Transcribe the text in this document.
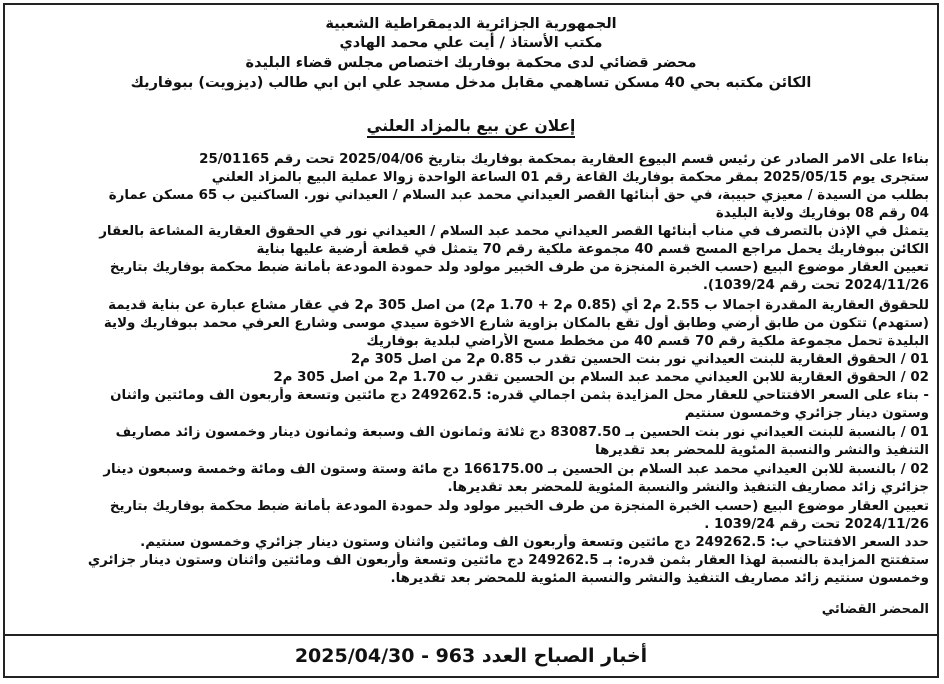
الجمهورية الجزائرية الديمقراطية الشعبية
مكتب الأستاذ / أيت علي محمد الهادي
محضر قضائي لدى محكمة بوفاريك اختصاص مجلس قضاء البليدة
الكائن مكتبه بحي 40 مسكن تساهمي مقابل مدخل مسجد علي ابن ابي طالب (ديزويت) ببوفاريك
إعلان عن بيع بالمزاد العلني
بناءا على الامر الصادر عن رئيس قسم البيوع العقارية بمحكمة بوفاريك بتاريخ 2025/04/06 تحت رقم 25/01165
ستجرى يوم 2025/05/15 بمقر محكمة بوفاريك القاعة رقم 01 الساعة الواحدة زوالا عملية البيع بالمزاد العلني
بطلب من السيدة / معيزي حبيبة، في حق أبنائها القصر العيداني محمد عبد السلام / العيداني نور. الساكنين ب 65 مسكن عمارة
04 رقم 08 بوفاريك ولاية البليدة
يتمثل في الإذن بالتصرف في مناب أبنائها القصر العيداني محمد عبد السلام / العيداني نور في الحقوق العقارية المشاعة بالعقار
الكائن ببوفاريك يحمل مراجع المسح قسم 40 مجموعة ملكية رقم 70 يتمثل في قطعة أرضية عليها بناية
تعيين العقار موضوع البيع (حسب الخبرة المنجزة من طرف الخبير مولود ولد حمودة المودعة بأمانة ضبط محكمة بوفاريك بتاريخ
2024/11/26 تحت رقم 1039/24).
للحقوق العقارية المقدرة اجمالا ب 2.55 م2 أي (0.85 م2 + 1.70 م2) من اصل 305 م2 في عقار مشاع عبارة عن بناية قديمة
(ستهدم) تتكون من طابق أرضي وطابق أول تقع بالمكان بزاوية شارع الاخوة سيدي موسى وشارع العرفي محمد ببوفاريك ولاية
البليدة تحمل مجموعة ملكية رقم 70 قسم 40 من مخطط مسح الأراضي لبلدية بوفاريك
01 / الحقوق العقارية للبنت العيداني نور بنت الحسين تقدر ب 0.85 م2 من اصل 305 م2
02 / الحقوق العقارية للابن العيداني محمد عبد السلام بن الحسين تقدر ب 1.70 م2 من اصل 305 م2
- بناء على السعر الافتتاحي للعقار محل المزايدة بثمن اجمالي قدره: 249262.5 دج مائتين وتسعة وأربعون الف ومائتين واثنان
وستون دينار جزائري وخمسون سنتيم
01 / بالنسبة للبنت العيداني نور بنت الحسين بـ 83087.50 دج ثلاثة وثمانون الف وسبعة وثمانون دينار وخمسون زائد مصاريف
التنفيذ والنشر والنسبة المئوية للمحضر بعد تقديرها
02 / بالنسبة للابن العيداني محمد عبد السلام بن الحسين بـ 166175.00 دج مائة وستة وستون الف ومائة وخمسة وسبعون دينار
جزائري زائد مصاريف التنفيذ والنشر والنسبة المئوية للمحضر بعد تقديرها.
تعيين العقار موضوع البيع (حسب الخبرة المنجزة من طرف الخبير مولود ولد حمودة المودعة بأمانة ضبط محكمة بوفاريك بتاريخ
2024/11/26 تحت رقم 1039/24 .
حدد السعر الافتتاحي ب: 249262.5 دج مائتين وتسعة وأربعون الف ومائتين واثنان وستون دينار جزائري وخمسون سنتيم.
ستفتتح المزايدة بالنسبة لهذا العقار بثمن قدره: بـ 249262.5 دج مائتين وتسعة وأربعون الف ومائتين واثنان وستون دينار جزائري
وخمسون سنتيم زائد مصاريف التنفيذ والنشر والنسبة المئوية للمحضر بعد تقديرها.
المحضر القضائي
أخبار الصباح العدد 963 - 2025/04/30
